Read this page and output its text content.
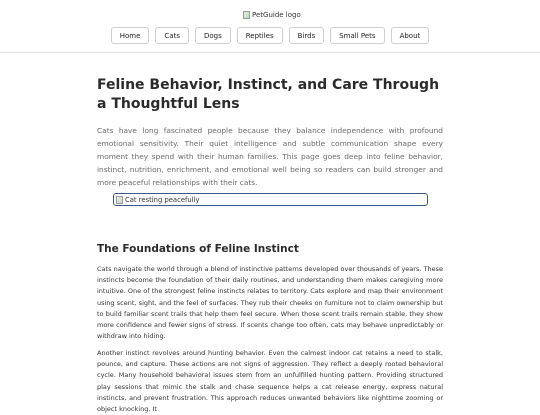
PetGuide logo
Home	Cats	Dogs	Reptiles	Birds	Small Pets	About
Feline Behavior, Instinct, and Care Through a Thoughtful Lens

Cats have long fascinated people because they balance independence with profound emotional sensitivity. Their quiet intelligence and subtle communication shape every moment they spend with their human families. This page goes deep into feline behavior, instinct, nutrition, enrichment, and emotional well being so readers can build stronger and more peaceful relationships with their cats.

Cat resting peacefully
The Foundations of Feline Instinct

Cats navigate the world through a blend of instinctive patterns developed over thousands of years. These instincts become the foundation of their daily routines, and understanding them makes caregiving more intuitive. One of the strongest feline instincts relates to territory. Cats explore and map their environment using scent, sight, and the feel of surfaces. They rub their cheeks on furniture not to claim ownership but to build familiar scent trails that help them feel secure. When those scent trails remain stable, they show more confidence and fewer signs of stress. If scents change too often, cats may behave unpredictably or withdraw into hiding.

Another instinct revolves around hunting behavior. Even the calmest indoor cat retains a need to stalk, pounce, and capture. These actions are not signs of aggression. They reflect a deeply rooted behavioral cycle. Many household behavioral issues stem from an unfulfilled hunting pattern. Providing structured play sessions that mimic the stalk and chase sequence helps a cat release energy, express natural instincts, and prevent frustration. This approach reduces unwanted behaviors like nighttime zooming or object knocking. It
